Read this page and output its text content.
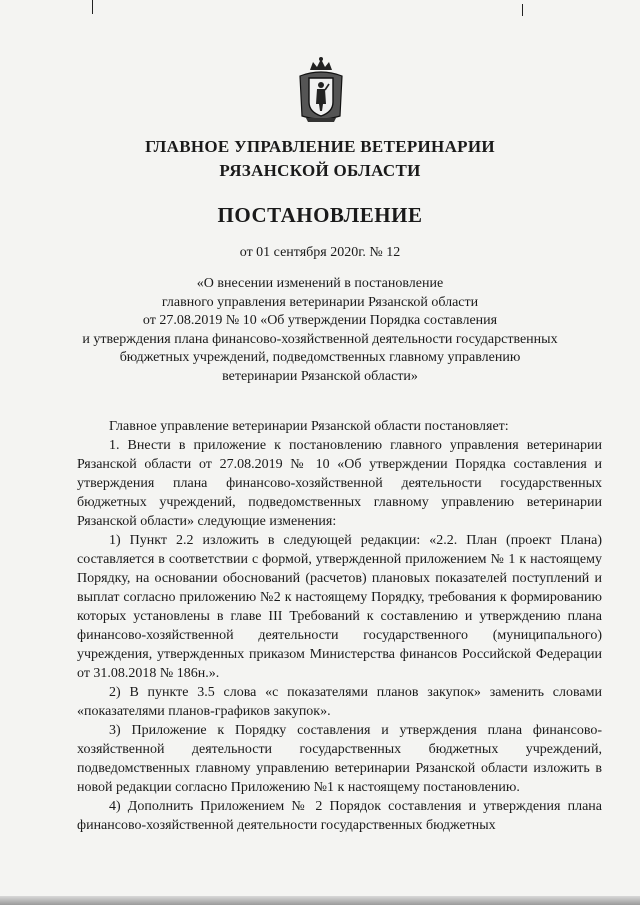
ГЛАВНОЕ УПРАВЛЕНИЕ ВЕТЕРИНАРИИ
РЯЗАНСКОЙ ОБЛАСТИ
ПОСТАНОВЛЕНИЕ
от 01 сентября 2020г. № 12
«О внесении изменений в постановление
главного управления ветеринарии Рязанской области
от 27.08.2019 № 10 «Об утверждении Порядка составления
и утверждения плана финансово-хозяйственной деятельности государственных
бюджетных учреждений, подведомственных главному управлению
ветеринарии Рязанской области»

Главное управление ветеринарии Рязанской области постановляет:

1. Внести в приложение к постановлению главного управления ветеринарии Рязанской области от 27.08.2019 № 10 «Об утверждении Порядка составления и утверждения плана финансово-хозяйственной деятельности государственных бюджетных учреждений, подведомственных главному управлению ветеринарии Рязанской области» следующие изменения:

1) Пункт 2.2 изложить в следующей редакции: «2.2. План (проект Плана) составляется в соответствии с формой, утвержденной приложением № 1 к настоящему Порядку, на основании обоснований (расчетов) плановых показателей поступлений и выплат согласно приложению №2 к настоящему Порядку, требования к формированию которых установлены в главе III Требований к составлению и утверждению плана финансово-хозяйственной деятельности государственного (муниципального) учреждения, утвержденных приказом Министерства финансов Российской Федерации от 31.08.2018 № 186н.».

2) В пункте 3.5 слова «с показателями планов закупок» заменить словами «показателями планов-графиков закупок».

3) Приложение к Порядку составления и утверждения плана финансово-хозяйственной деятельности государственных бюджетных учреждений, подведомственных главному управлению ветеринарии Рязанской области изложить в новой редакции согласно Приложению №1 к настоящему постановлению.

4) Дополнить Приложением № 2 Порядок составления и утверждения плана финансово-хозяйственной деятельности государственных бюджетных
